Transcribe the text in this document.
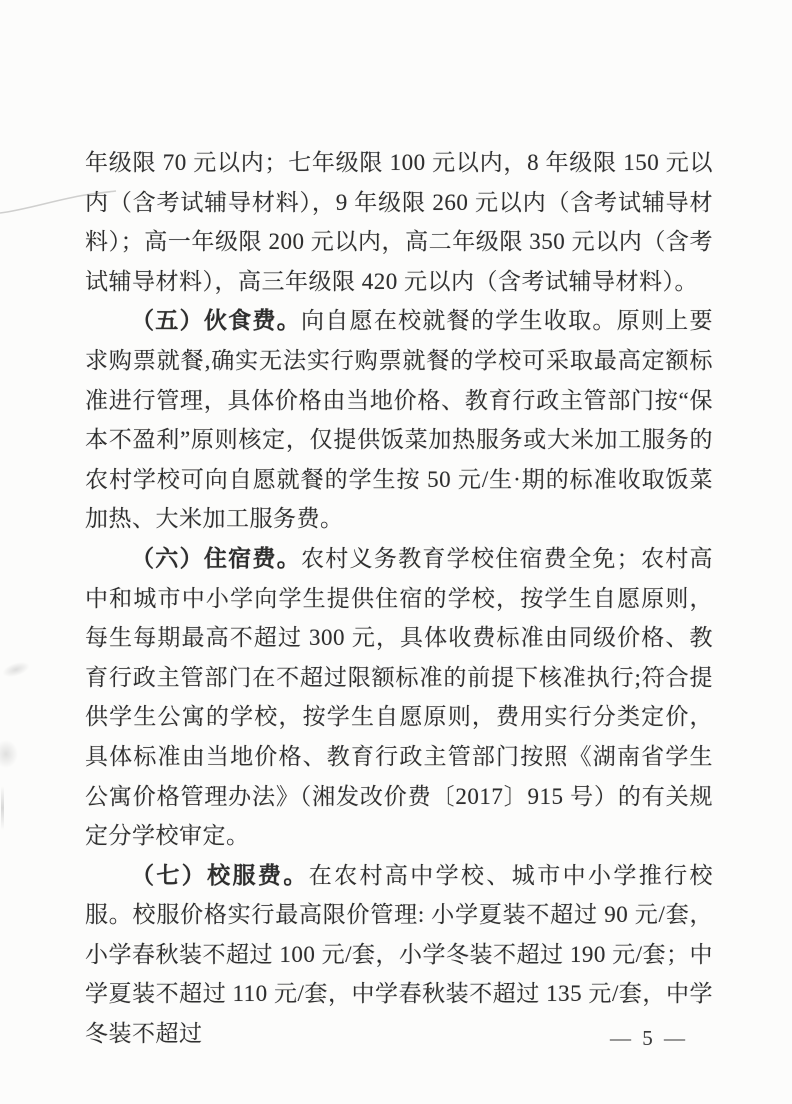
年级限 70 元以内；七年级限 100 元以内，8 年级限 150 元以内（含考试辅导材料），9 年级限 260 元以内（含考试辅导材料）；高一年级限 200 元以内，高二年级限 350 元以内（含考试辅导材料），高三年级限 420 元以内（含考试辅导材料）。

（五）伙食费。向自愿在校就餐的学生收取。原则上要求购票就餐,确实无法实行购票就餐的学校可采取最高定额标准进行管理，具体价格由当地价格、教育行政主管部门按“保本不盈利”原则核定，仅提供饭菜加热服务或大米加工服务的农村学校可向自愿就餐的学生按 50 元/生·期的标准收取饭菜加热、大米加工服务费。

（六）住宿费。农村义务教育学校住宿费全免；农村高中和城市中小学向学生提供住宿的学校，按学生自愿原则，每生每期最高不超过 300 元，具体收费标准由同级价格、教育行政主管部门在不超过限额标准的前提下核准执行;符合提供学生公寓的学校，按学生自愿原则，费用实行分类定价，具体标准由当地价格、教育行政主管部门按照《湖南省学生公寓价格管理办法》（湘发改价费〔2017〕915 号）的有关规定分学校审定。

（七）校服费。在农村高中学校、城市中小学推行校服。校服价格实行最高限价管理: 小学夏装不超过 90 元/套，小学春秋装不超过 100 元/套，小学冬装不超过 190 元/套；中学夏装不超过 110 元/套，中学春秋装不超过 135 元/套，中学冬装不超过	— 5 —
